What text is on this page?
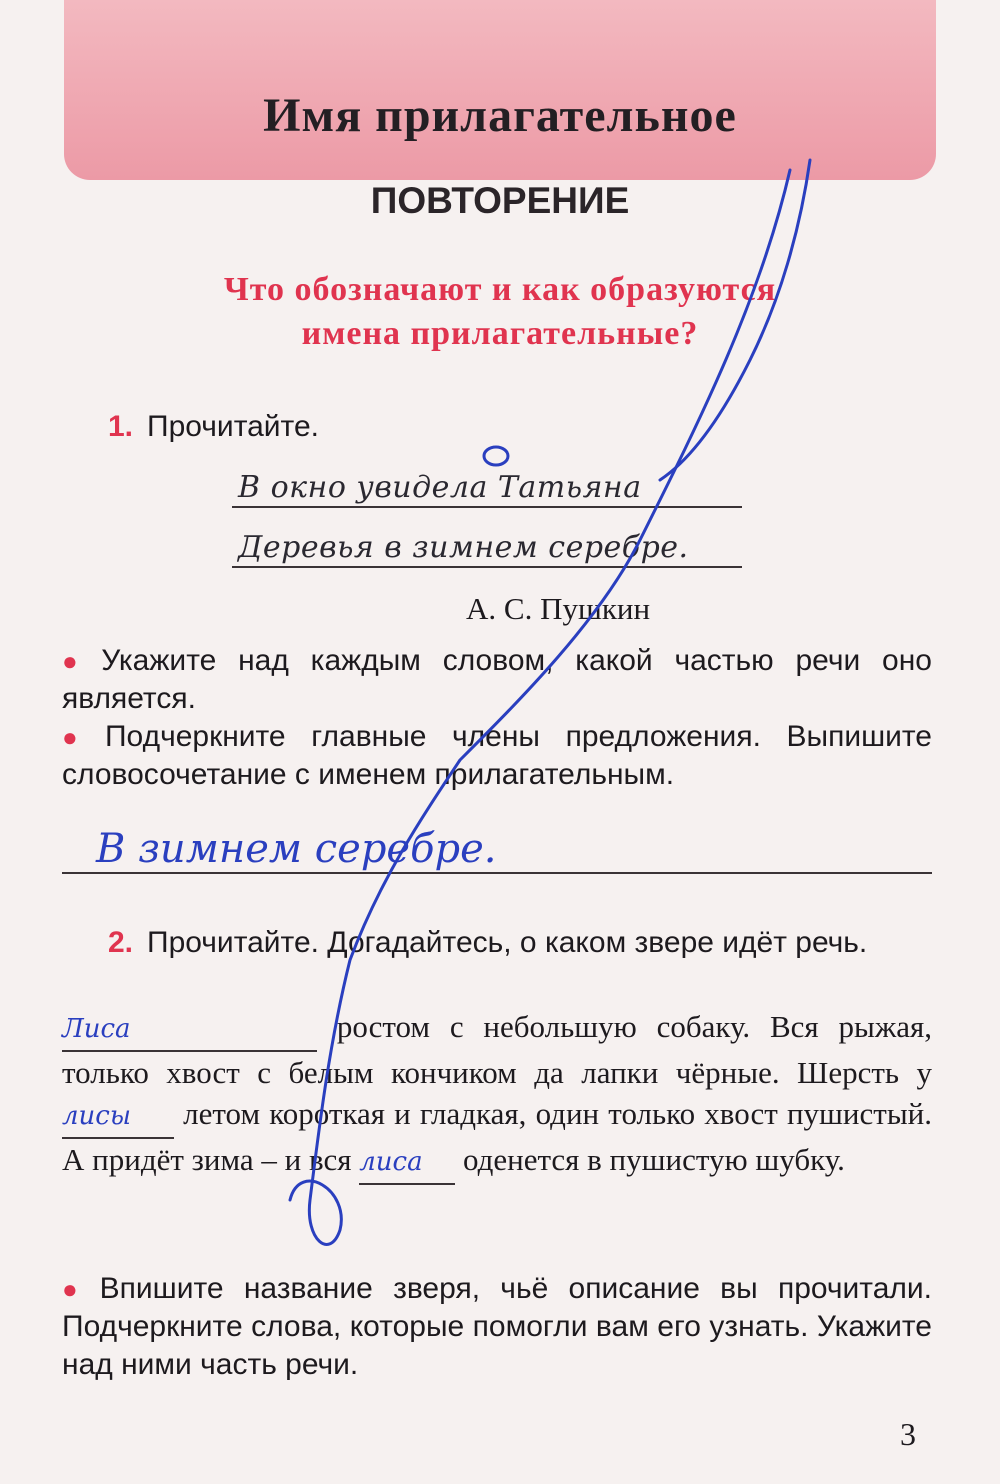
Имя прилагательное
ПОВТОРЕНИЕ
Что обозначают и как образуются
имена прилагательные?
1. Прочитайте.
В окно увидела Татьяна
Деревья в зимнем серебре.
А. С. Пушкин
● Укажите над каждым словом, какой частью речи оно является.
● Подчеркните главные члены предложения. Выпишите словосочетание с именем прилагательным.
В зимнем серебре.
2. Прочитайте. Догадайтесь, о каком звере идёт речь.
Лиса	ростом с небольшую собаку. Вся рыжая, только хвост с белым кончиком да лапки чёрные. Шерсть у лисы летом короткая и гладкая, один только хвост пушистый. А придёт зима – и вся лиса оденется в пушистую шубку.
● Впишите название зверя, чьё описание вы прочитали. Подчеркните слова, которые помогли вам его узнать. Укажите над ними часть речи.
3
